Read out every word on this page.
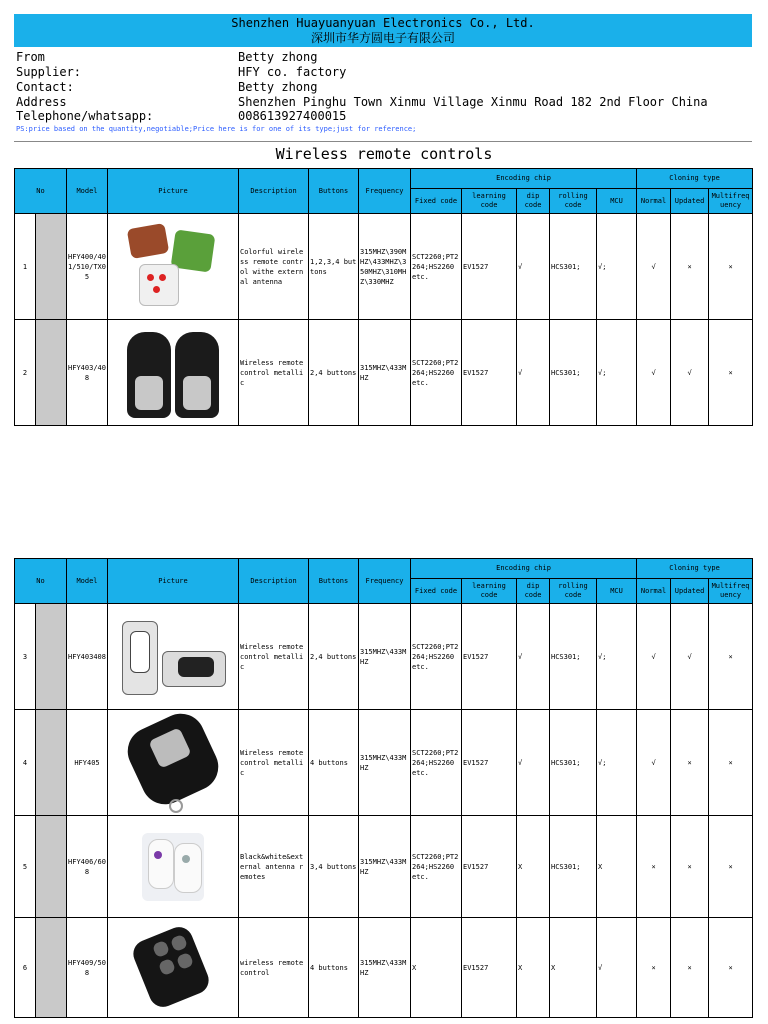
Shenzhen Huayuanyuan Electronics Co., Ltd.
深圳市华方圆电子有限公司
From	Betty zhong
Supplier:	HFY co. factory
Contact:	Betty zhong
Address	Shenzhen Pinghu Town Xinmu Village Xinmu Road 182 2nd Floor China
Telephone/whatsapp:	008613927400015
PS:price based on the quantity,negotiable;Price here is for one of its type;just for reference;
Wireless remote controls
No		Model	Picture	Description	Buttons	Frequency	Encoding chip					Cloning type		
							Fixed code	learning code	dip code	rolling code	MCU	Normal	Updated	Multifreq uency
1		HFY400/401/510/TX05		Colorful wireless remote control withe external antenna	1,2,3,4 buttons	315MHZ\390MHZ\433MHZ\350MHZ\310MHZ\330MHZ	SCT2260;PT2264;HS2260 etc.	EV1527	√	HCS301;	√;	√	×	×
2		HFY403/408		Wireless remote control metallic	2,4 buttons	315MHZ\433MHZ	SCT2260;PT2264;HS2260 etc.	EV1527	√	HCS301;	√;	√	√	×
No		Model	Picture	Description	Buttons	Frequency	Encoding chip					Cloning type		
							Fixed code	learning code	dip code	rolling code	MCU	Normal	Updated	Multifreq uency
3		HFY403408		Wireless remote control metallic	2,4 buttons	315MHZ\433MHZ	SCT2260;PT2264;HS2260 etc.	EV1527	√	HCS301;	√;	√	√	×
4		HFY405		Wireless remote control metallic	4 buttons	315MHZ\433MHZ	SCT2260;PT2264;HS2260 etc.	EV1527	√	HCS301;	√;	√	×	×
5		HFY406/608		Black&white&external antenna remotes	3,4 buttons	315MHZ\433MHZ	SCT2260;PT2264;HS2260 etc.	EV1527	X	HCS301;	X	×	×	×
6		HFY409/508		wireless remote control	4 buttons	315MHZ\433MHZ	X	EV1527	X	X	√	×	×	×
